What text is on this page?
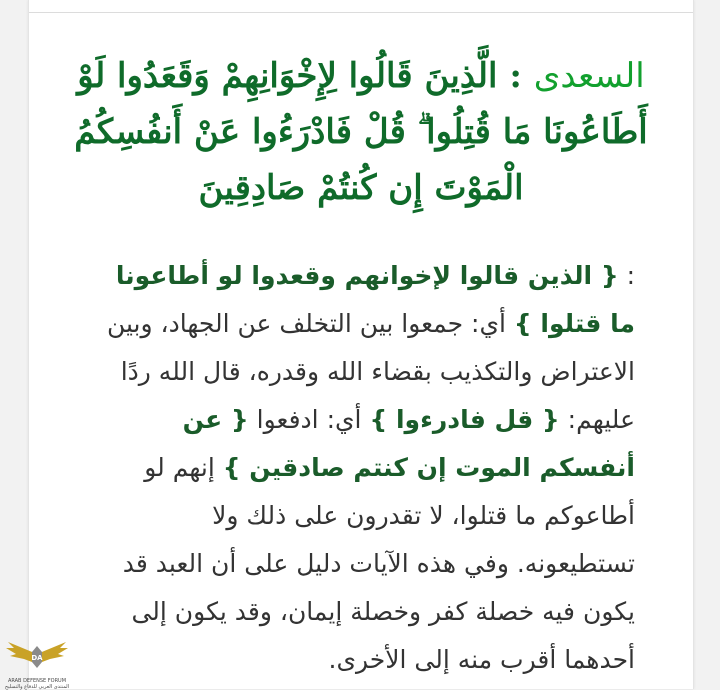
السعدى : الَّذِينَ قَالُوا لِإِخْوَانِهِمْ وَقَعَدُوا لَوْ أَطَاعُونَا مَا قُتِلُوا ۗ قُلْ فَادْرَءُوا عَنْ أَنفُسِكُمُ الْمَوْتَ إِن كُنتُمْ صَادِقِينَ
: { الذين قالوا لإخوانهم وقعدوا لو أطاعونا ما قتلوا } أي: جمعوا بين التخلف عن الجهاد، وبين الاعتراض والتكذيب بقضاء الله وقدره، قال الله ردًا عليهم: { قل فادرءوا } أي: ادفعوا { عن أنفسكم الموت إن كنتم صادقين } إنهم لو أطاعوكم ما قتلوا، لا تقدرون على ذلك ولا تستطيعونه. وفي هذه الآيات دليل على أن العبد قد يكون فيه خصلة كفر وخصلة إيمان، وقد يكون إلى أحدهما أقرب منه إلى الأخرى.
DA
ARAB DEFENSE FORUM
المنتدى العربي للدفاع والتسليح
